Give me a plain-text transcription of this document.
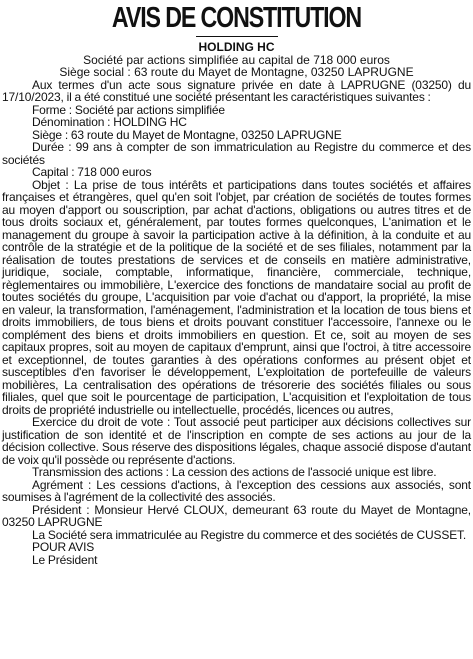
AVIS DE CONSTITUTION
HOLDING HC
Société par actions simplifiée au capital de 718 000 euros
Siège social : 63 route du Mayet de Montagne, 03250 LAPRUGNE

Aux termes d'un acte sous signature privée en date à LAPRUGNE (03250) du 17/10/2023, il a été constitué une société présentant les caractéristiques suivantes :

Forme : Société par actions simplifiée

Dénomination : HOLDING HC

Siège : 63 route du Mayet de Montagne, 03250 LAPRUGNE

Durée : 99 ans à compter de son immatriculation au Registre du commerce et des sociétés

Capital : 718 000 euros

Objet : La prise de tous intérêts et participations dans toutes sociétés et affaires françaises et étrangères, quel qu'en soit l'objet, par création de sociétés de toutes formes au moyen d'apport ou souscription, par achat d'actions, obligations ou autres titres et de tous droits sociaux et, généralement, par toutes formes quelconques, L'animation et le management du groupe à savoir la participation active à la définition, à la conduite et au contrôle de la stratégie et de la politique de la société et de ses filiales, notamment par la réalisation de toutes prestations de services et de conseils en matière administrative, juridique, sociale, comptable, informatique, financière, commerciale, technique, règlementaires ou immobilière, L'exercice des fonctions de mandataire social au profit de toutes sociétés du groupe, L'acquisition par voie d'achat ou d'apport, la propriété, la mise en valeur, la transformation, l'aménagement, l'administration et la location de tous biens et droits immobiliers, de tous biens et droits pouvant constituer l'accessoire, l'annexe ou le complément des biens et droits immobiliers en question. Et ce, soit au moyen de ses capitaux propres, soit au moyen de capitaux d'emprunt, ainsi que l'octroi, à titre accessoire et exceptionnel, de toutes garanties à des opérations conformes au présent objet et susceptibles d'en favoriser le développement, L'exploitation de portefeuille de valeurs mobilières, La centralisation des opérations de trésorerie des sociétés filiales ou sous filiales, quel que soit le pourcentage de participation, L'acquisition et l'exploitation de tous droits de propriété industrielle ou intellectuelle, procédés, licences ou autres,

Exercice du droit de vote : Tout associé peut participer aux décisions collectives sur justification de son identité et de l'inscription en compte de ses actions au jour de la décision collective. Sous réserve des dispositions légales, chaque associé dispose d'autant de voix qu'il possède ou représente d'actions.

Transmission des actions : La cession des actions de l'associé unique est libre.

Agrément : Les cessions d'actions, à l'exception des cessions aux associés, sont soumises à l'agrément de la collectivité des associés.

Président : Monsieur Hervé CLOUX, demeurant 63 route du Mayet de Montagne, 03250 LAPRUGNE

La Société sera immatriculée au Registre du commerce et des sociétés de CUSSET.

POUR AVIS

Le Président
